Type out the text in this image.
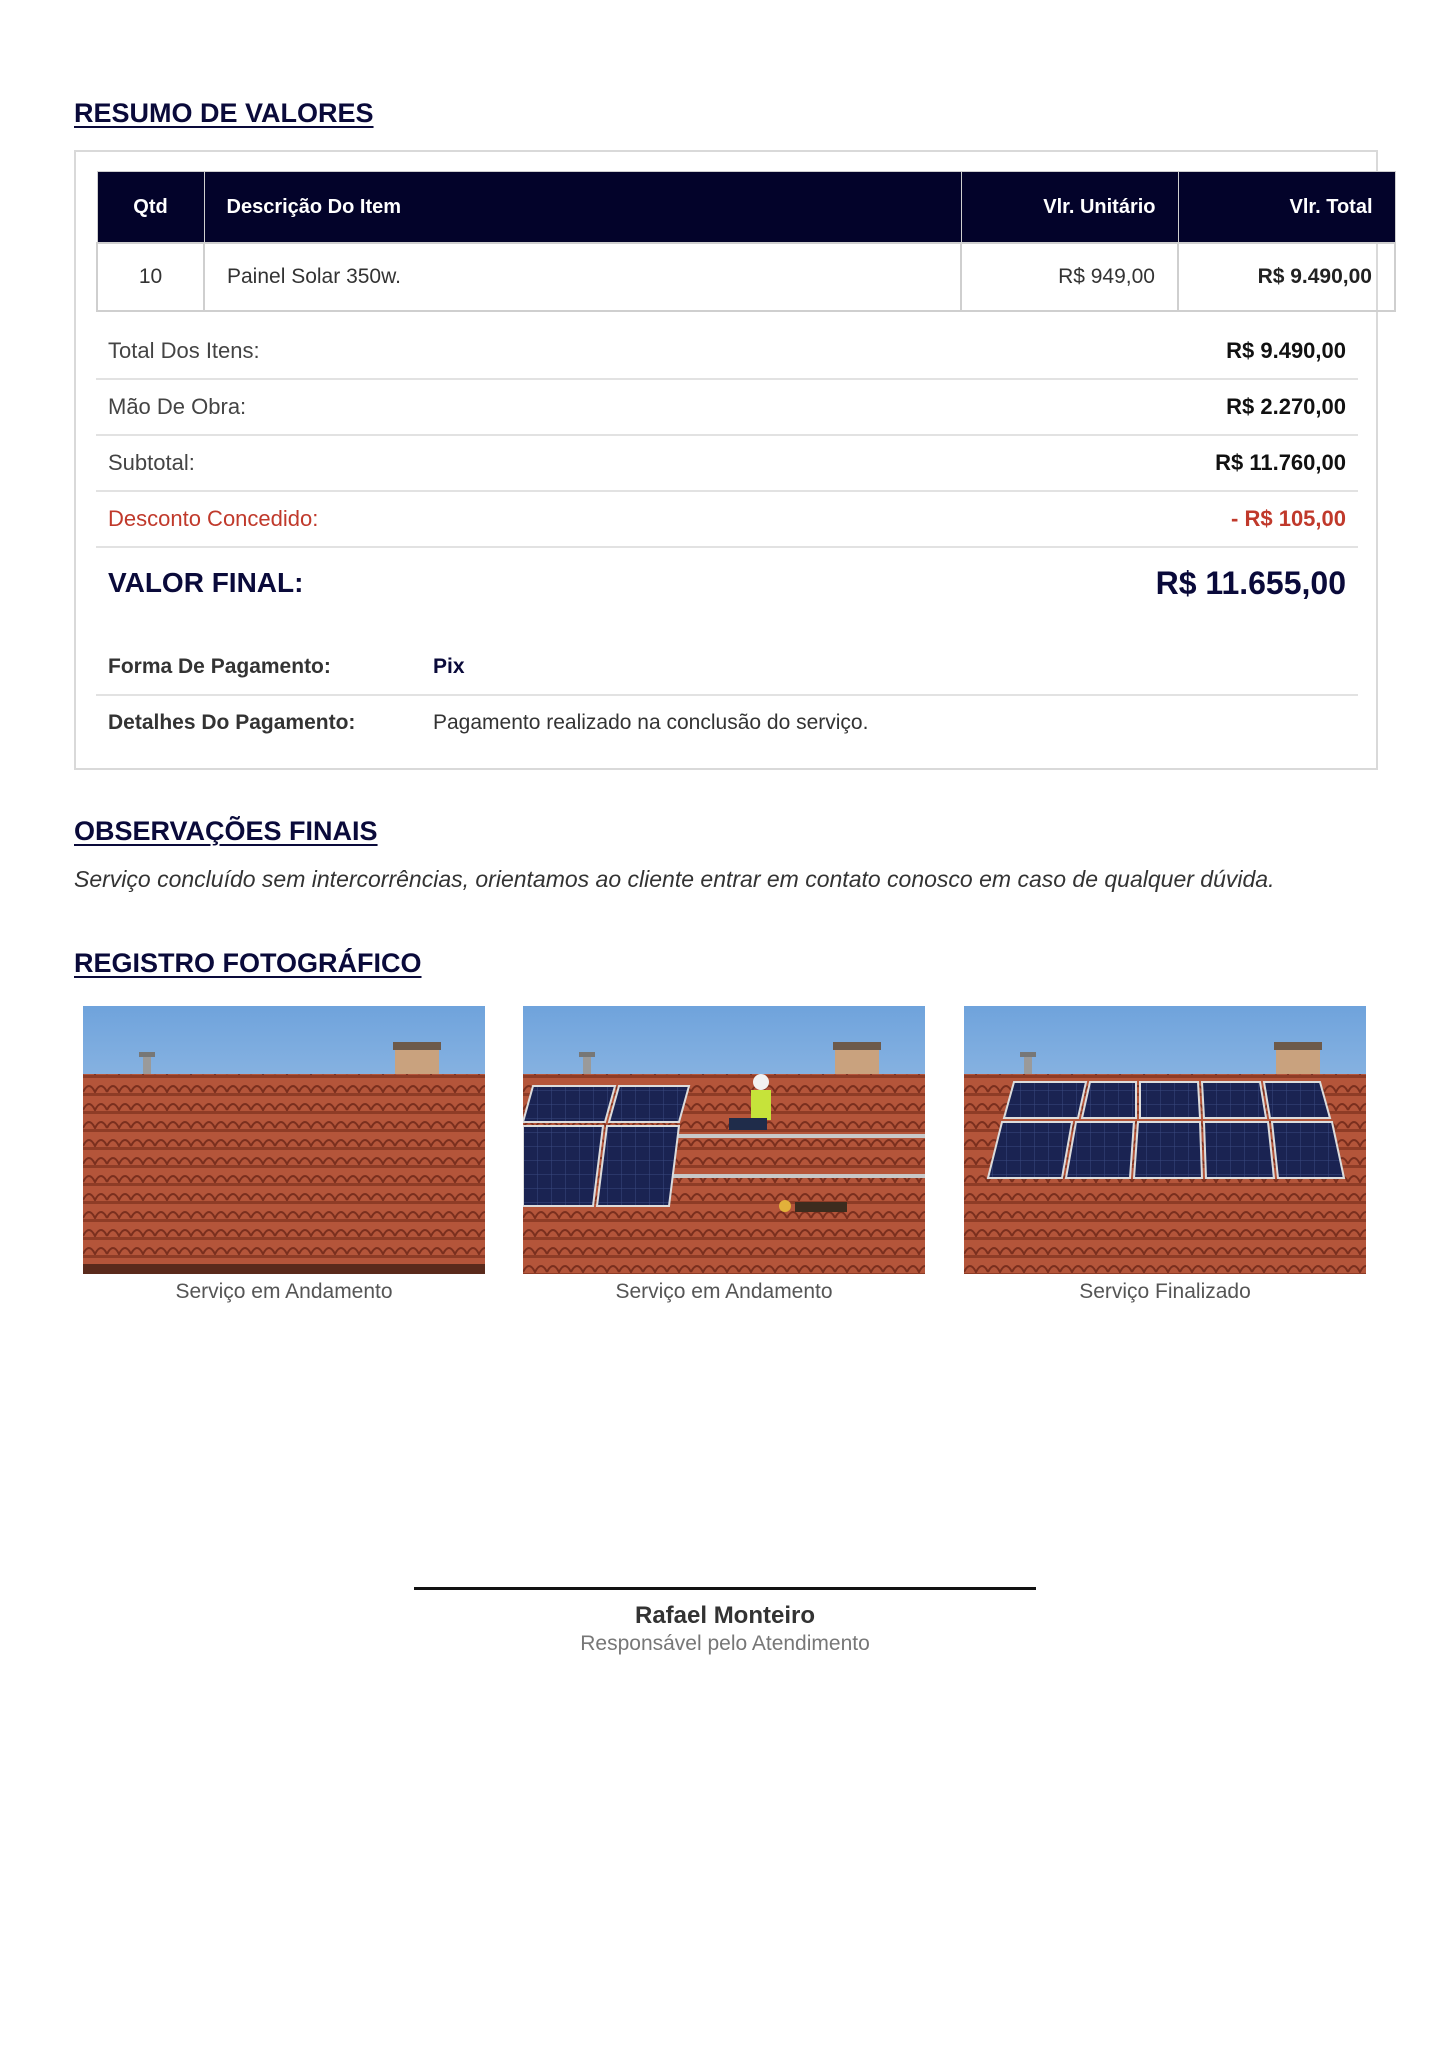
RESUMO DE VALORES
Qtd	Descrição Do Item	Vlr. Unitário	Vlr. Total
10	Painel Solar 350w.	R$ 949,00	R$ 9.490,00
Total Dos Itens:	R$ 9.490,00
Mão De Obra:	R$ 2.270,00
Subtotal:	R$ 11.760,00
Desconto Concedido:	- R$ 105,00
VALOR FINAL:	R$ 11.655,00
Forma De Pagamento:	Pix
Detalhes Do Pagamento:	Pagamento realizado na conclusão do serviço.
OBSERVAÇÕES FINAIS

Serviço concluído sem intercorrências, orientamos ao cliente entrar em contato conosco em caso de qualquer dúvida.

REGISTRO FOTOGRÁFICO
Serviço em Andamento	Serviço em Andamento	Serviço Finalizado
Rafael Monteiro
Responsável pelo Atendimento
